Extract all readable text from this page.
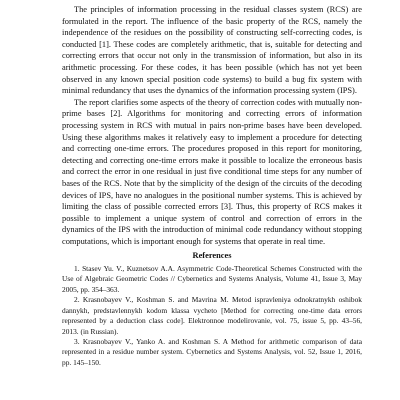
The principles of information processing in the residual classes system (RCS) are formulated in the report. The influence of the basic property of the RCS, namely the independence of the residues on the possibility of constructing self-correcting codes, is conducted [1]. These codes are completely arithmetic, that is, suitable for detecting and correcting errors that occur not only in the transmission of information, but also in its arithmetic processing. For these codes, it has been possible (which has not yet been observed in any known special position code systems) to build a bug fix system with minimal redundancy that uses the dynamics of the information processing system (IPS).

The report clarifies some aspects of the theory of correction codes with mutually non-prime bases [2]. Algorithms for monitoring and correcting errors of information processing system in RCS with mutual in pairs non-prime bases have been developed. Using these algorithms makes it relatively easy to implement a procedure for detecting and correcting one-time errors. The procedures proposed in this report for monitoring, detecting and correcting one-time errors make it possible to localize the erroneous basis and correct the error in one residual in just five conditional time steps for any number of bases of the RCS. Note that by the simplicity of the design of the circuits of the decoding devices of IPS, have no analogues in the positional number systems. This is achieved by limiting the class of possible corrected errors [3]. Thus, this property of RCS makes it possible to implement a unique system of control and correction of errors in the dynamics of the IPS with the introduction of minimal code redundancy without stopping computations, which is important enough for systems that operate in real time.

References

1. Stasev Yu. V., Kuznetsov A.A. Asymmetric Code-Theoretical Schemes Constructed with the Use of Algebraic Geometric Codes // Cybernetics and Systems Analysis, Volume 41, Issue 3, May 2005, pp. 354–363.

2. Krasnobayev V., Koshman S. and Mavrina M. Metod ispravleniya odnokratnykh oshibok dannykh, predstavlennykh kodom klassa vycheto [Method for correcting one-time data errors represented by a deduction class code]. Elektronnoe modelirovanie, vol. 75, issue 5, pp. 43–56, 2013. (in Russian).

3. Krasnobayev V., Yanko A. and Koshman S. A Method for arithmetic comparison of data represented in a residue number system. Cybernetics and Systems Analysis, vol. 52, Issue 1, 2016, pp. 145–150.
